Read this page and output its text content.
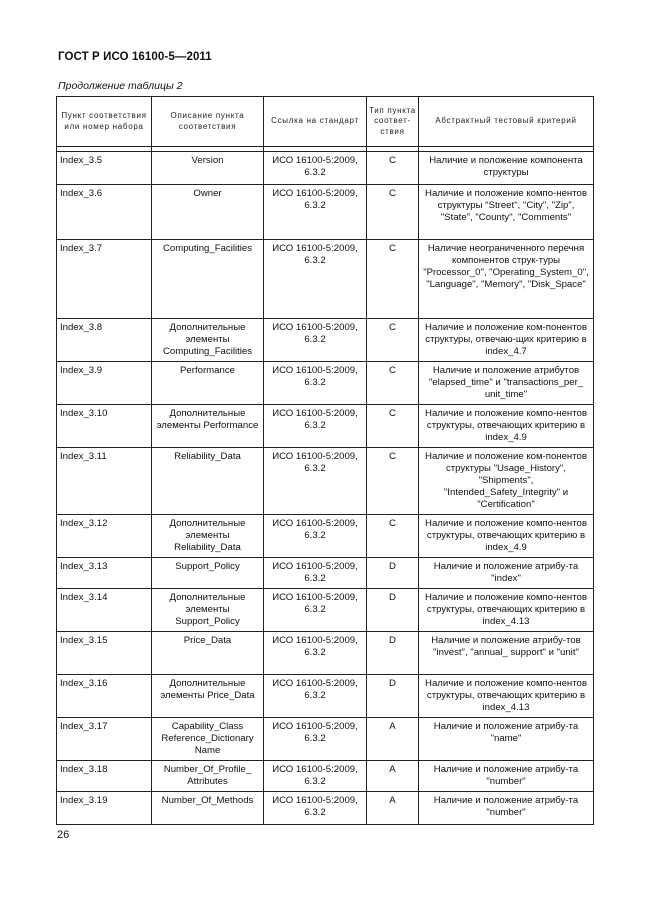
ГОСТ Р ИСО 16100-5—2011
Продолжение таблицы 2
Пункт соответствия или номер набора	Описание пункта соответствия	Ссылка на стандарт	Тип пункта соответ-ствия	Абстрактный тестовый критерий

Index_3.5	Version	ИСО 16100-5:2009, 6.3.2	C	Наличие и положение компонента структуры
Index_3.6	Owner	ИСО 16100-5:2009, 6.3.2	C	Наличие и положение компо-нентов структуры "Street", "City", "Zip", "State", "County", "Comments"
Index_3.7	Computing_Facilities	ИСО 16100-5:2009, 6.3.2	C	Наличие неограниченного перечня компонентов струк-туры "Processor_0", "Operating_System_0", "Language", "Memory", "Disk_Space"
Index_3.8	Дополнительные элементы Computing_Facilities	ИСО 16100-5:2009, 6.3.2	C	Наличие и положение ком-понентов структуры, отвечаю-щих критерию в index_4.7
Index_3.9	Performance	ИСО 16100-5:2009, 6.3.2	C	Наличие и положение атрибутов "elapsed_time" и "transactions_per_ unit_time"
Index_3.10	Дополнительные элементы Performance	ИСО 16100-5:2009, 6.3.2	C	Наличие и положение компо-нентов структуры, отвечающих критерию в index_4.9
Index_3.11	Reliability_Data	ИСО 16100-5:2009, 6.3.2	C	Наличие и положение ком-понентов структуры "Usage_History", "Shipments", "Intended_Safety_Integrity" и "Certification"
Index_3.12	Дополнительные элементы Reliability_Data	ИСО 16100-5:2009, 6.3.2	C	Наличие и положение компо-нентов структуры, отвечающих критерию в index_4.9
Index_3.13	Support_Policy	ИСО 16100-5:2009, 6.3.2	D	Наличие и положение атрибу-та "index"
Index_3.14	Дополнительные элементы Support_Policy	ИСО 16100-5:2009, 6.3.2	D	Наличие и положение компо-нентов структуры, отвечающих критерию в index_4.13
Index_3.15	Price_Data	ИСО 16100-5:2009, 6.3.2	D	Наличие и положение атрибу-тов "invest", "annual_ support" и "unit"
Index_3.16	Дополнительные элементы Price_Data	ИСО 16100-5:2009, 6.3.2	D	Наличие и положение компо-нентов структуры, отвечающих критерию в index_4.13
Index_3.17	Capability_Class Reference_Dictionary Name	ИСО 16100-5:2009, 6.3.2	A	Наличие и положение атрибу-та "name"
Index_3.18	Number_Of_Profile_ Attributes	ИСО 16100-5:2009, 6.3.2	A	Наличие и положение атрибу-та "number"
Index_3.19	Number_Of_Methods	ИСО 16100-5:2009, 6.3.2	A	Наличие и положение атрибу-та "number"
26
